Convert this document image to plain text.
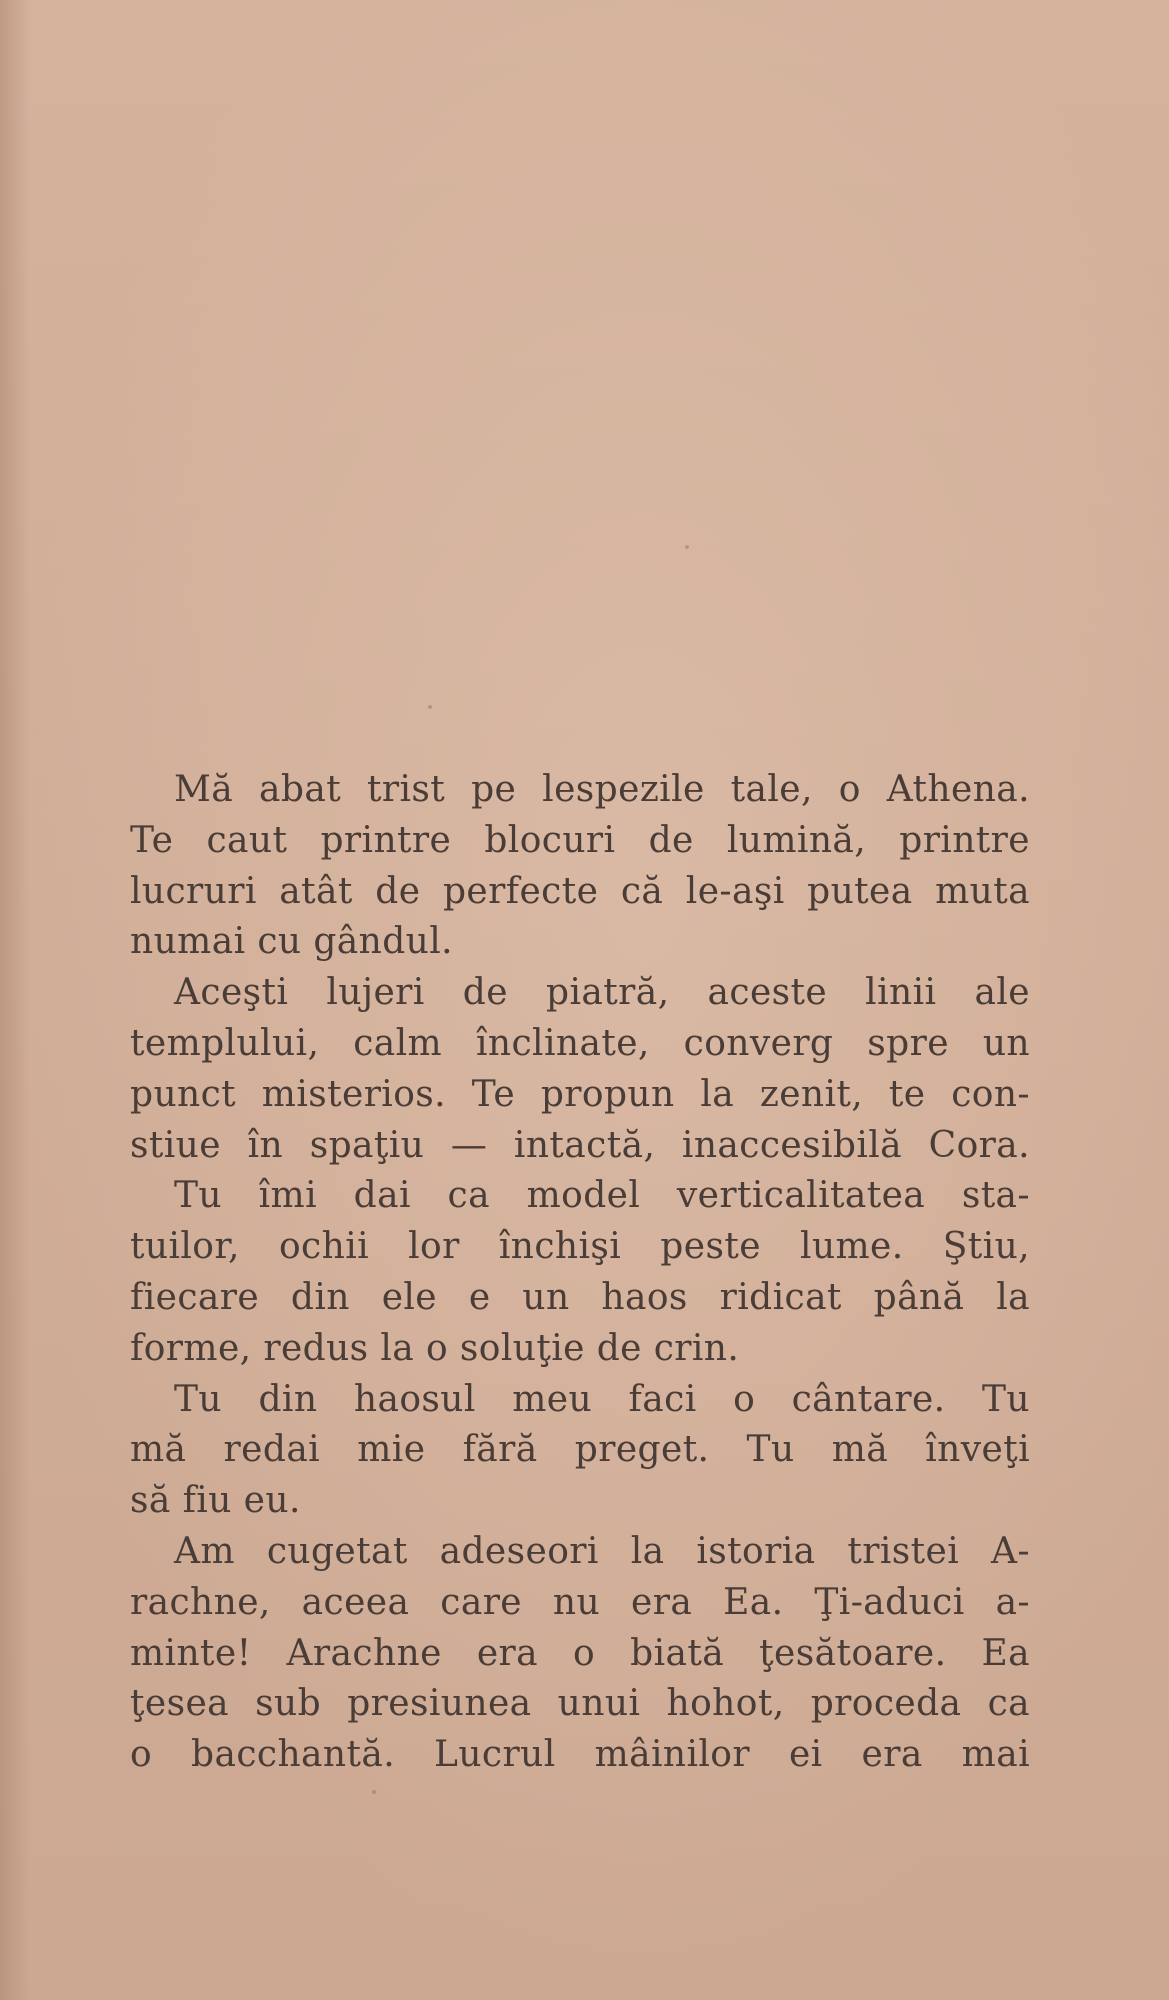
Mă abat trist pe lespezile tale, o Athena.
Te caut printre blocuri de lumină, printre
lucruri atât de perfecte că le-aşi putea muta
numai cu gândul.
Aceşti lujeri de piatră, aceste linii ale
templului, calm înclinate, converg spre un
punct misterios. Te propun la zenit, te con-
stiue în spaţiu — intactă, inaccesibilă Cora.
Tu îmi dai ca model verticalitatea sta-
tuilor, ochii lor închişi peste lume. Ştiu,
fiecare din ele e un haos ridicat până la
forme, redus la o soluţie de crin.
Tu din haosul meu faci o cântare. Tu
mă redai mie fără preget. Tu mă înveţi
să fiu eu.
Am cugetat adeseori la istoria tristei A-
rachne, aceea care nu era Ea. Ţi-aduci a-
minte! Arachne era o biată ţesătoare. Ea
ţesea sub presiunea unui hohot, proceda ca
o bacchantă. Lucrul mâinilor ei era mai
